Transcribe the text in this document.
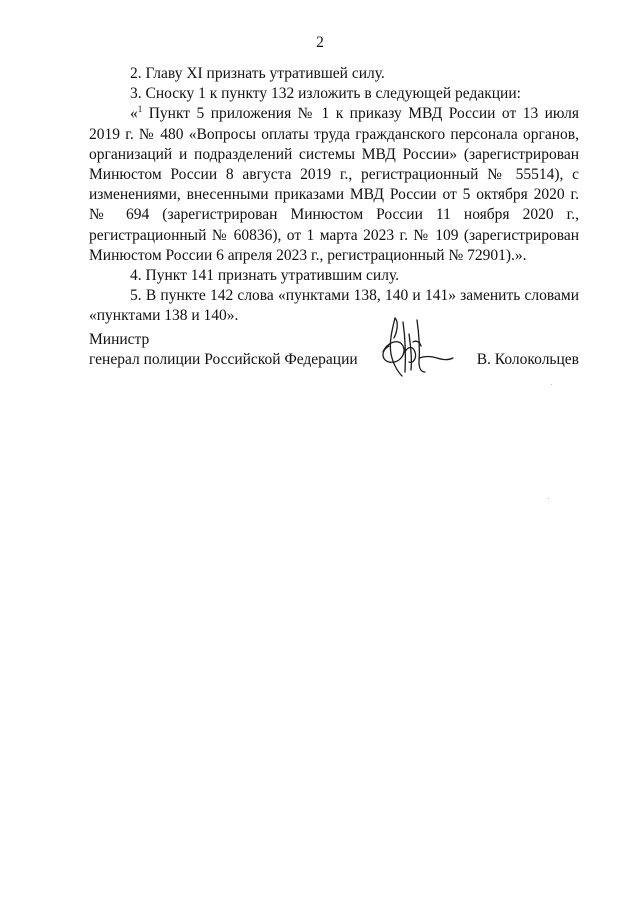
2

2. Главу XI признать утратившей силу.

3. Сноску 1 к пункту 132 изложить в следующей редакции:

«$^1$ Пункт 5 приложения № 1 к приказу МВД России от 13 июля 2019 г. № 480 «Вопросы оплаты труда гражданского персонала органов, организаций и подразделений системы МВД России» (зарегистрирован Минюстом России 8 августа 2019 г., регистрационный № 55514), с изменениями, внесенными приказами МВД России от 5 октября 2020 г. № 694 (зарегистрирован Минюстом России 11 ноября 2020 г., регистрационный № 60836), от 1 марта 2023 г. № 109 (зарегистрирован Минюстом России 6 апреля 2023 г., регистрационный № 72901).».

4. Пункт 141 признать утратившим силу.

5. В пункте 142 слова «пунктами 138, 140 и 141» заменить словами «пунктами 138 и 140».

Министр

генерал полиции Российской Федерации	В. Колокольцев
